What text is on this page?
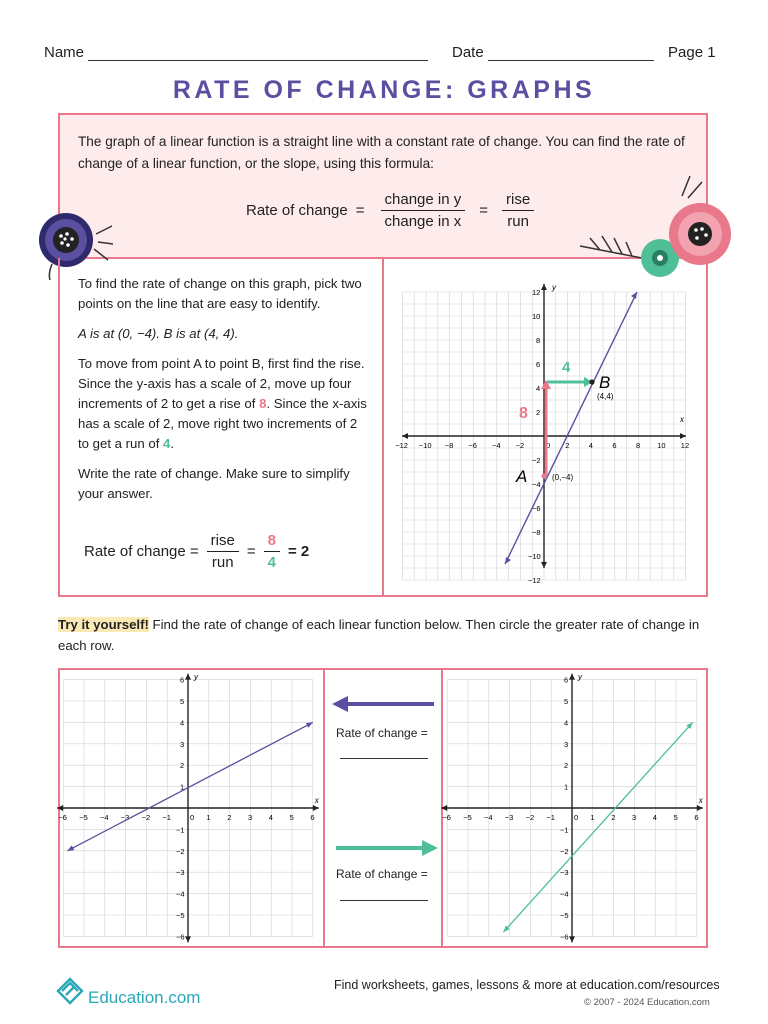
Name	Date	Page 1
RATE OF CHANGE: GRAPHS

The graph of a linear function is a straight line with a constant rate of change. You can find the rate of change of a linear function, or the slope, using this formula:

Rate of change = $\frac{\text{change in y}}{\text{change in x}} = \frac{\text{rise}}{\text{run}}$

To find the rate of change on this graph, pick two points on the line that are easy to identify.

A is at (0, −4). B is at (4, 4).

To move from point A to point B, first find the rise. Since the y-axis has a scale of 2, move up four increments of 2 to get a rise of 8. Since the x-axis has a scale of 2, move right two increments of 2 to get a run of 4.

Write the rate of change. Make sure to simplify your answer.

Rate of change = $\frac{\text{rise}}{\text{run}} = \frac{8}{4} = 2$
x
y
−12 −10 −8 −6 −4 −2	0 2	4	6	8 10 12
12
10
8
6
4
2
−2
−4
−6
−8
−10
−12
8
4
A	(0,−4)
B
(4,4)
Try it yourself! Find the rate of change of each linear function below. Then circle the greater rate of change in each row.
x
y
−6 −5 −4 −3 −2 −1	0 1 2 3 4 5 6
6
5
4
3
2
1
−1
−2
−3
−4
−5
−6
x
y
−6 −5 −4 −3 −2 −1	0 1 2 3 4 5 6
6
5
4
3
2
1
−1
−2
−3
−4
−5
−6
Rate of change =
Rate of change =
Education.com
Find worksheets, games, lessons & more at education.com/resources
© 2007 - 2024 Education.com
